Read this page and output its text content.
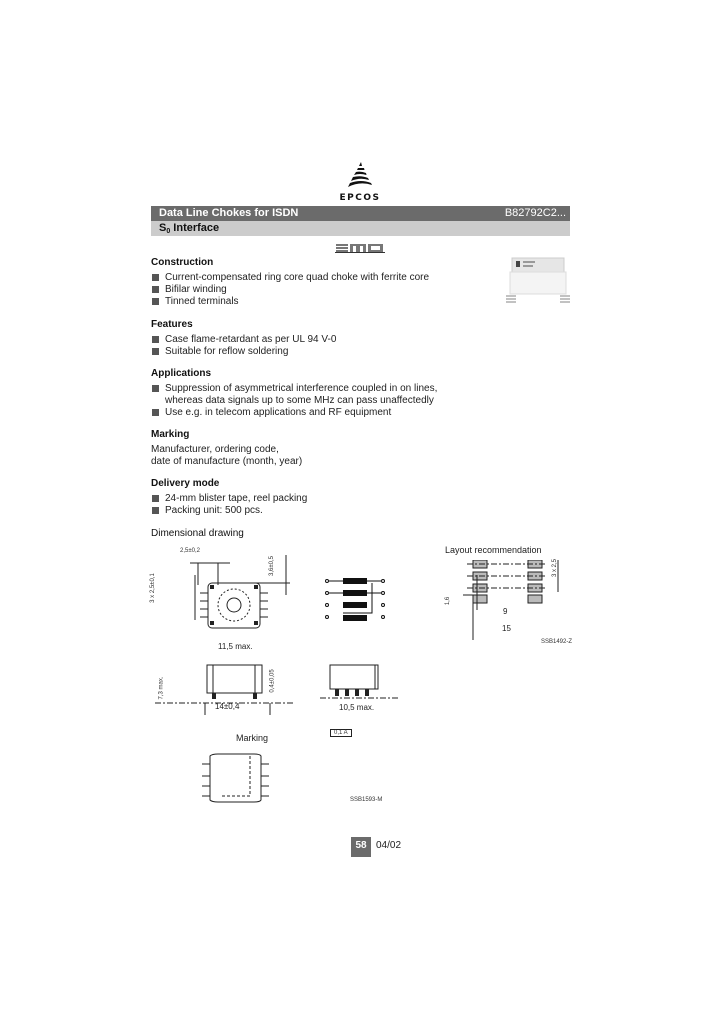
EPCOS
Data Line Chokes for ISDN	B82792C2...
$S_0$ Interface
Construction
Current-compensated ring core quad choke with ferrite core
Bifilar winding
Tinned terminals
Features
Case flame-retardant as per UL 94 V-0
Suitable for reflow soldering
Applications
Suppression of asymmetrical interference coupled in on lines,
whereas data signals up to some MHz can pass unaffectedly
Use e.g. in telecom applications and RF equipment
Marking
Manufacturer, ordering code,
date of manufacture (month, year)
Delivery mode
24-mm blister tape, reel packing
Packing unit: 500 pcs.
Dimensional drawing
Layout recommendation
2,5±0,2
3 x 2,5±0,1
3,6±0,5
11,5 max.
3 x 2,5
1,6
9
15
SSB1492-Z
7,3 max.	0,4±0,05
14±0,4	10,5 max.
0,1 A
Marking
SSB1593-M
58 04/02
